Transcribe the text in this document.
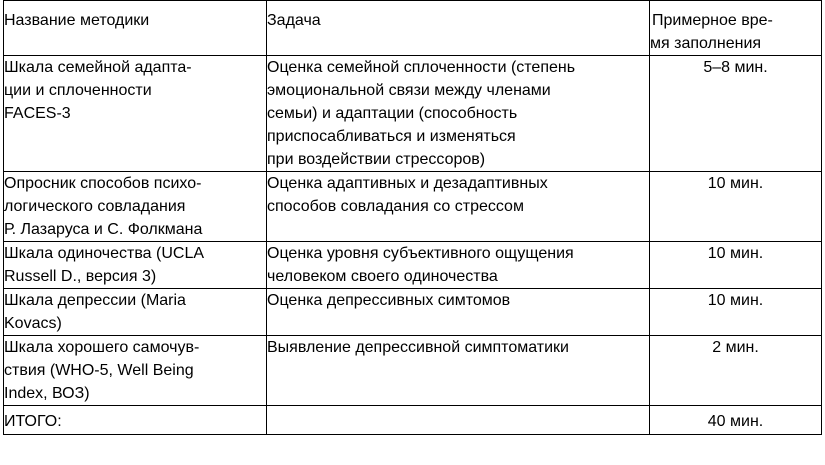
Название методики	Задача	Примерное вре-
мя заполнения

Шкала семейной адапта-
ции и сплоченности
FACES-3	Оценка семейной сплоченности (степень
эмоциональной связи между членами
семьи) и адаптации (способность
приспосабливаться и изменяться
при воздействии стрессоров)	5–8 мин.

Опросник способов психо-
логического совладания
Р. Лазаруса и С. Фолкмана	Оценка адаптивных и дезадаптивных
способов совладания со стрессом	10 мин.

Шкала одиночества (UCLA
Russell D., версия 3)	Оценка уровня субъективного ощущения
человеком своего одиночества	10 мин.

Шкала депрессии (Maria
Kovacs)	Оценка депрессивных симтомов	10 мин.

Шкала хорошего самочув-
ствия (WHO-5, Well Being
Index, ВОЗ)	Выявление депрессивной симптоматики	2 мин.
ИТОГО:		40 мин.
